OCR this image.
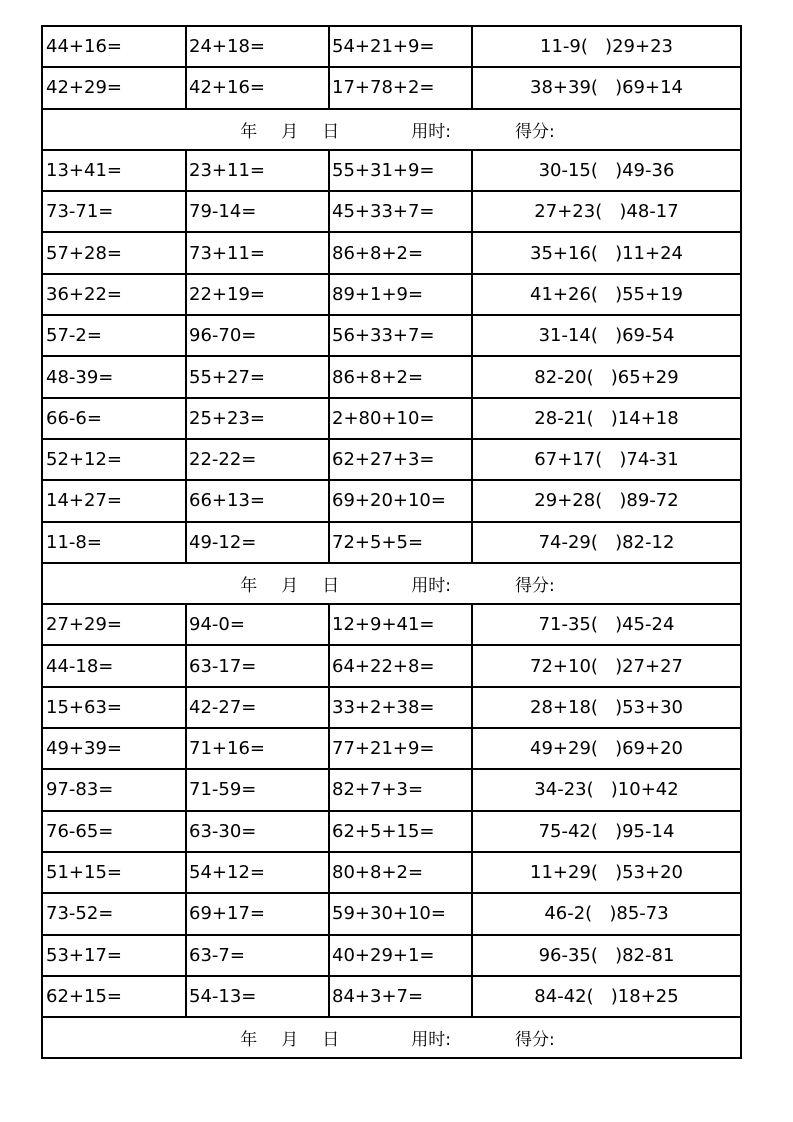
44+16=	24+18=	54+21+9=	11-9(   )29+23
42+29=	42+16=	17+78+2=	38+39(   )69+14
年 月 日 用时: 得分:			
13+41=	23+11=	55+31+9=	30-15(   )49-36
73-71=	79-14=	45+33+7=	27+23(   )48-17
57+28=	73+11=	86+8+2=	35+16(   )11+24
36+22=	22+19=	89+1+9=	41+26(   )55+19
57-2=	96-70=	56+33+7=	31-14(   )69-54
48-39=	55+27=	86+8+2=	82-20(   )65+29
66-6=	25+23=	2+80+10=	28-21(   )14+18
52+12=	22-22=	62+27+3=	67+17(   )74-31
14+27=	66+13=	69+20+10=	29+28(   )89-72
11-8=	49-12=	72+5+5=	74-29(   )82-12
年 月 日 用时: 得分:			
27+29=	94-0=	12+9+41=	71-35(   )45-24
44-18=	63-17=	64+22+8=	72+10(   )27+27
15+63=	42-27=	33+2+38=	28+18(   )53+30
49+39=	71+16=	77+21+9=	49+29(   )69+20
97-83=	71-59=	82+7+3=	34-23(   )10+42
76-65=	63-30=	62+5+15=	75-42(   )95-14
51+15=	54+12=	80+8+2=	11+29(   )53+20
73-52=	69+17=	59+30+10=	46-2(   )85-73
53+17=	63-7=	40+29+1=	96-35(   )82-81
62+15=	54-13=	84+3+7=	84-42(   )18+25
年 月 日 用时: 得分:			
